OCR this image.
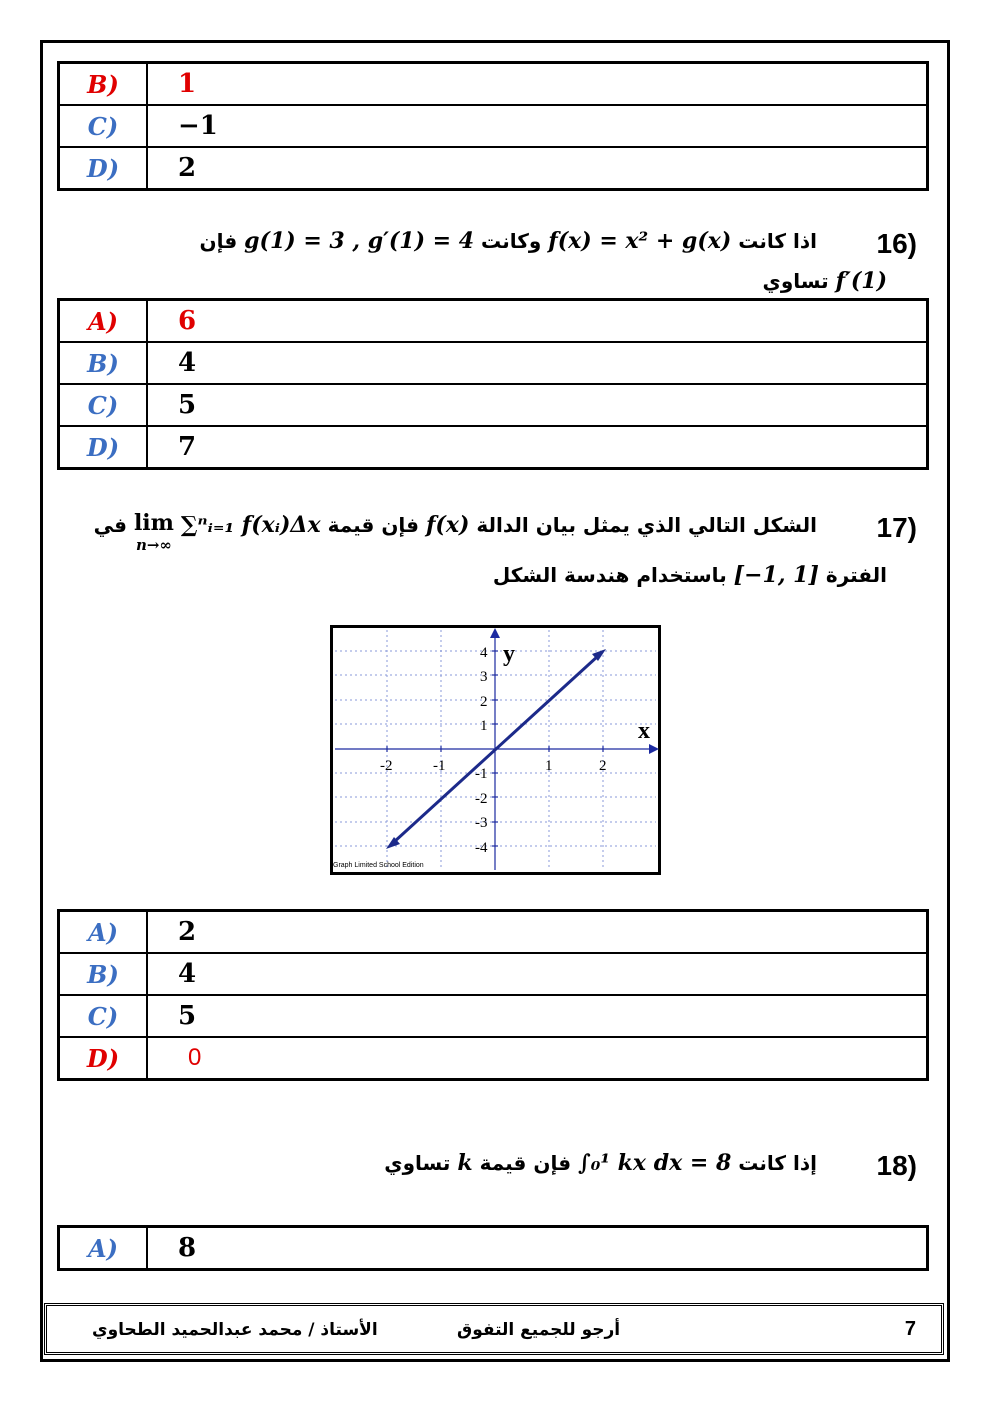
B)	1
C)	−1
D)	2
16)
اذا كانت f(x) = x² + g(x) وكانت g(1) = 3 , g′(1) = 4 فإن
f′(1) تساوي
A)	6
B)	4
C)	5
D)	7
17)
الشكل التالي الذي يمثل بيان الدالة f(x) فإن قيمة ∑ⁿᵢ₌₁ f(xᵢ)Δx
lim
n→∞
في
الفترة [−1, 1] باستخدام هندسة الشكل
-2	-1	1	2
4
3
2
1
-1
-2
-3
-4
y
x
Graph Limited School Edition
A)	2
B)	4
C)	5
D)	0
18)
إذا كانت ∫₀¹ kx dx = 8 فإن قيمة k تساوي
A)	8
الأستاذ / محمد عبدالحميد الطحاوي	أرجو للجميع التفوق	7
